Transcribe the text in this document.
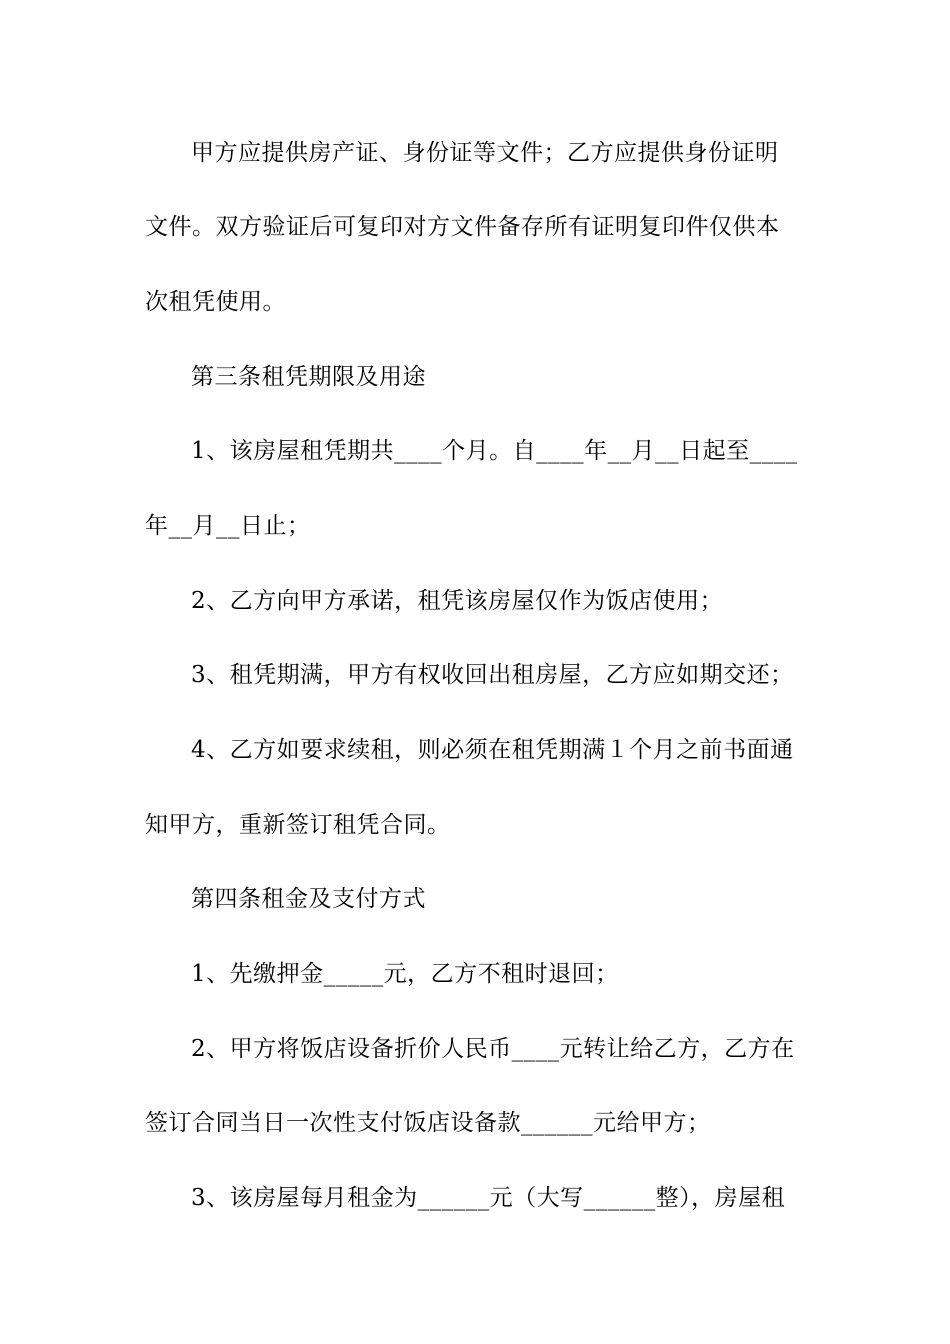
甲方应提供房产证、身份证等文件；乙方应提供身份证明
文件。双方验证后可复印对方文件备存所有证明复印件仅供本
次租凭使用。
第三条租凭期限及用途
1、该房屋租凭期共____个月。自____年__月__日起至____
年__月__日止；
2、乙方向甲方承诺，租凭该房屋仅作为饭店使用；
3、租凭期满，甲方有权收回出租房屋，乙方应如期交还；
4、乙方如要求续租，则必须在租凭期满１个月之前书面通
知甲方，重新签订租凭合同。
第四条租金及支付方式
1、先缴押金_____元，乙方不租时退回；
2、甲方将饭店设备折价人民币____元转让给乙方，乙方在
签订合同当日一次性支付饭店设备款______元给甲方；
3、该房屋每月租金为______元（大写______整），房屋租
